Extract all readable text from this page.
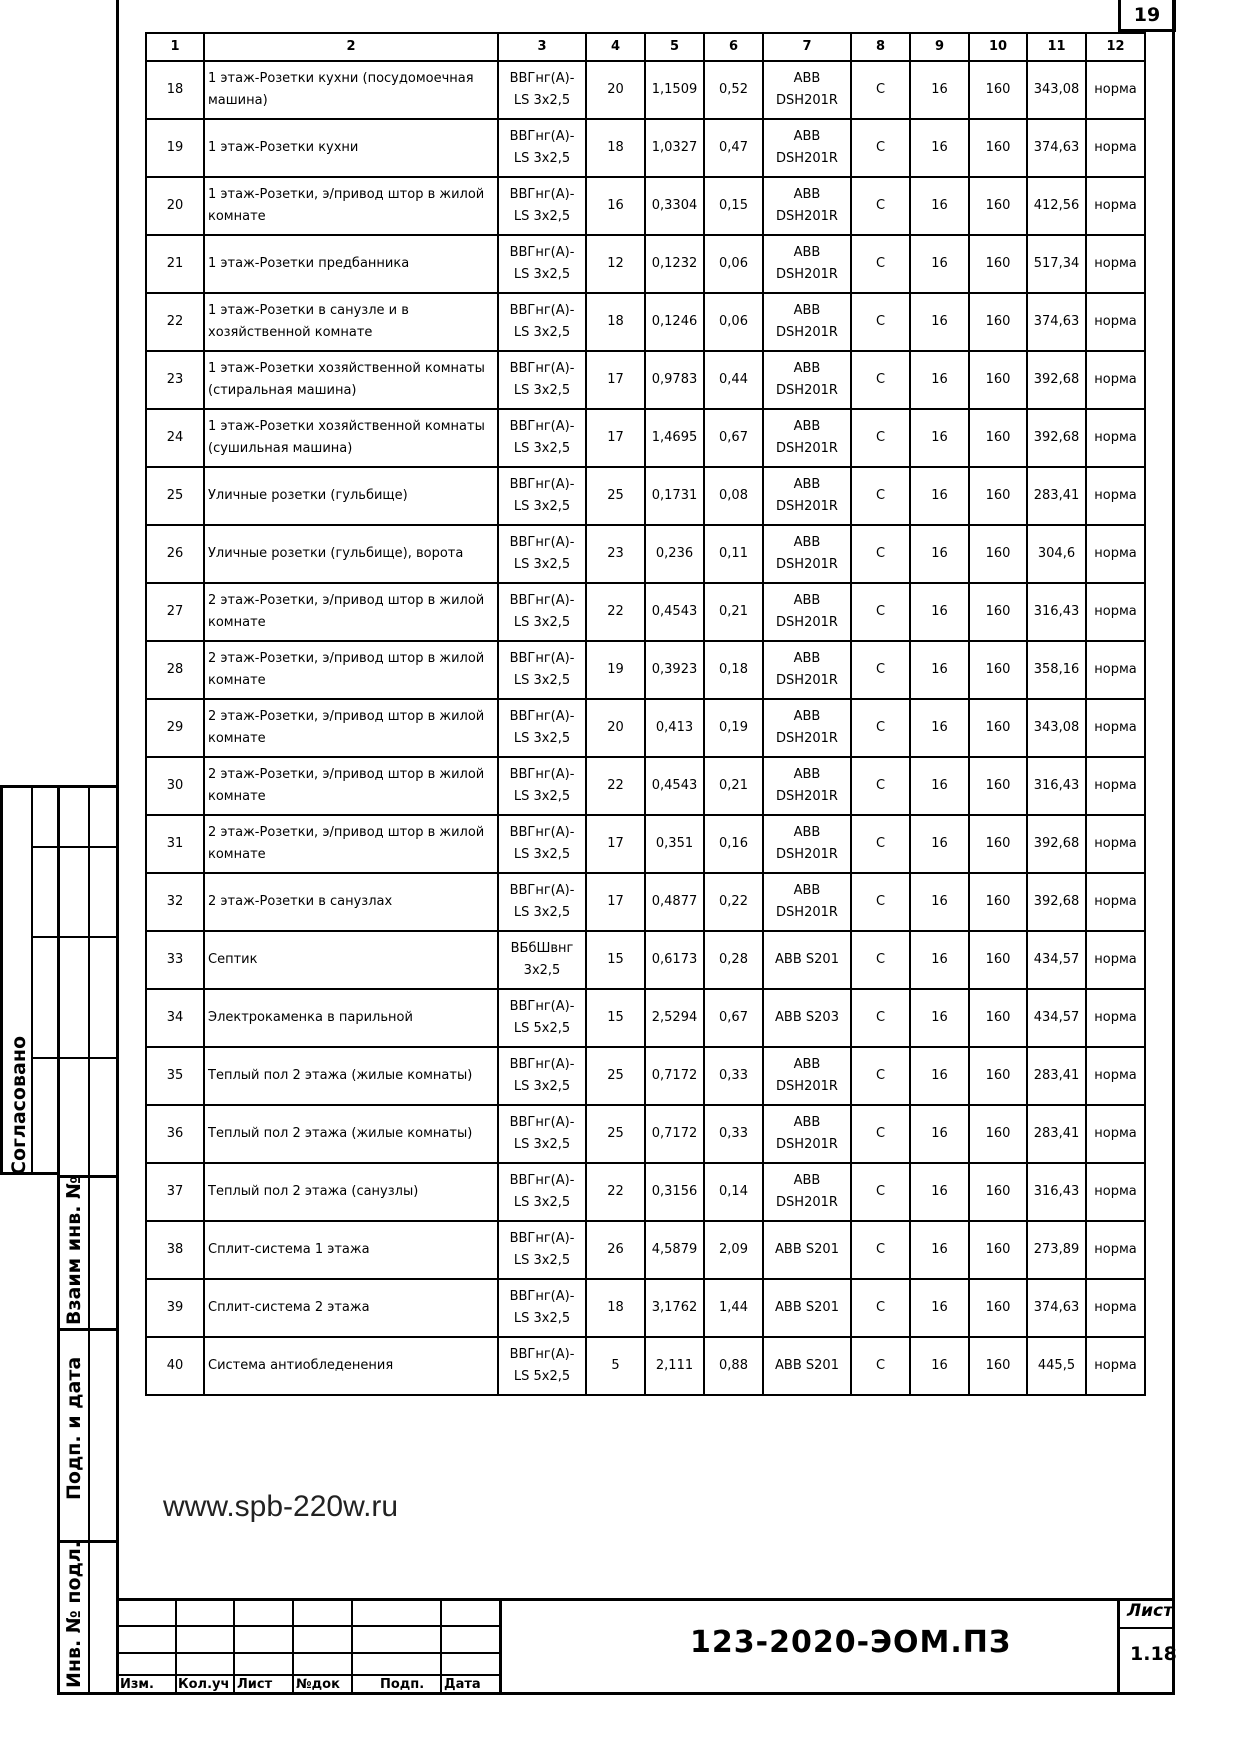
19
1	2	3	4	5	6	7	8	9	10	11	12
18	1 этаж-Розетки кухни (посудомоечная машина)	ВВГнг(А)-LS 3х2,5	20	1,1509	0,52	ABB DSH201R	C	16	160	343,08	норма
19	1 этаж-Розетки кухни	ВВГнг(А)-LS 3х2,5	18	1,0327	0,47	ABB DSH201R	C	16	160	374,63	норма
20	1 этаж-Розетки, э/привод штор в жилой комнате	ВВГнг(А)-LS 3х2,5	16	0,3304	0,15	ABB DSH201R	C	16	160	412,56	норма
21	1 этаж-Розетки предбанника	ВВГнг(А)-LS 3х2,5	12	0,1232	0,06	ABB DSH201R	C	16	160	517,34	норма
22	1 этаж-Розетки в санузле и в хозяйственной комнате	ВВГнг(А)-LS 3х2,5	18	0,1246	0,06	ABB DSH201R	C	16	160	374,63	норма
23	1 этаж-Розетки хозяйственной комнаты (стиральная машина)	ВВГнг(А)-LS 3х2,5	17	0,9783	0,44	ABB DSH201R	C	16	160	392,68	норма
24	1 этаж-Розетки хозяйственной комнаты (сушильная машина)	ВВГнг(А)-LS 3х2,5	17	1,4695	0,67	ABB DSH201R	C	16	160	392,68	норма
25	Уличные розетки (гульбище)	ВВГнг(А)-LS 3х2,5	25	0,1731	0,08	ABB DSH201R	C	16	160	283,41	норма
26	Уличные розетки (гульбище), ворота	ВВГнг(А)-LS 3х2,5	23	0,236	0,11	ABB DSH201R	C	16	160	304,6	норма
27	2 этаж-Розетки, э/привод штор в жилой комнате	ВВГнг(А)-LS 3х2,5	22	0,4543	0,21	ABB DSH201R	C	16	160	316,43	норма
28	2 этаж-Розетки, э/привод штор в жилой комнате	ВВГнг(А)-LS 3х2,5	19	0,3923	0,18	ABB DSH201R	C	16	160	358,16	норма
29	2 этаж-Розетки, э/привод штор в жилой комнате	ВВГнг(А)-LS 3х2,5	20	0,413	0,19	ABB DSH201R	C	16	160	343,08	норма
30	2 этаж-Розетки, э/привод штор в жилой комнате	ВВГнг(А)-LS 3х2,5	22	0,4543	0,21	ABB DSH201R	C	16	160	316,43	норма
31	2 этаж-Розетки, э/привод штор в жилой комнате	ВВГнг(А)-LS 3х2,5	17	0,351	0,16	ABB DSH201R	C	16	160	392,68	норма
32	2 этаж-Розетки в санузлах	ВВГнг(А)-LS 3х2,5	17	0,4877	0,22	ABB DSH201R	C	16	160	392,68	норма
33	Септик	ВБбШвнг 3х2,5	15	0,6173	0,28	ABB S201	C	16	160	434,57	норма
34	Электрокаменка в парильной	ВВГнг(А)-LS 5х2,5	15	2,5294	0,67	ABB S203	C	16	160	434,57	норма
35	Теплый пол 2 этажа (жилые комнаты)	ВВГнг(А)-LS 3х2,5	25	0,7172	0,33	ABB DSH201R	C	16	160	283,41	норма
36	Теплый пол 2 этажа (жилые комнаты)	ВВГнг(А)-LS 3х2,5	25	0,7172	0,33	ABB DSH201R	C	16	160	283,41	норма
37	Теплый пол 2 этажа (санузлы)	ВВГнг(А)-LS 3х2,5	22	0,3156	0,14	ABB DSH201R	C	16	160	316,43	норма
38	Сплит-система 1 этажа	ВВГнг(А)-LS 3х2,5	26	4,5879	2,09	ABB S201	C	16	160	273,89	норма
39	Сплит-система 2 этажа	ВВГнг(А)-LS 3х2,5	18	3,1762	1,44	ABB S201	C	16	160	374,63	норма
40	Система антиобледенения	ВВГнг(А)-LS 5х2,5	5	2,111	0,88	ABB S201	C	16	160	445,5	норма
www.spb-220w.ru
Согласовано
Взаим инв. №
Подп. и дата
Инв. № подл.	Изм. Кол.уч Лист №док	Подп. Дата
123-2020-ЭОМ.ПЗ
Лист
1.18
